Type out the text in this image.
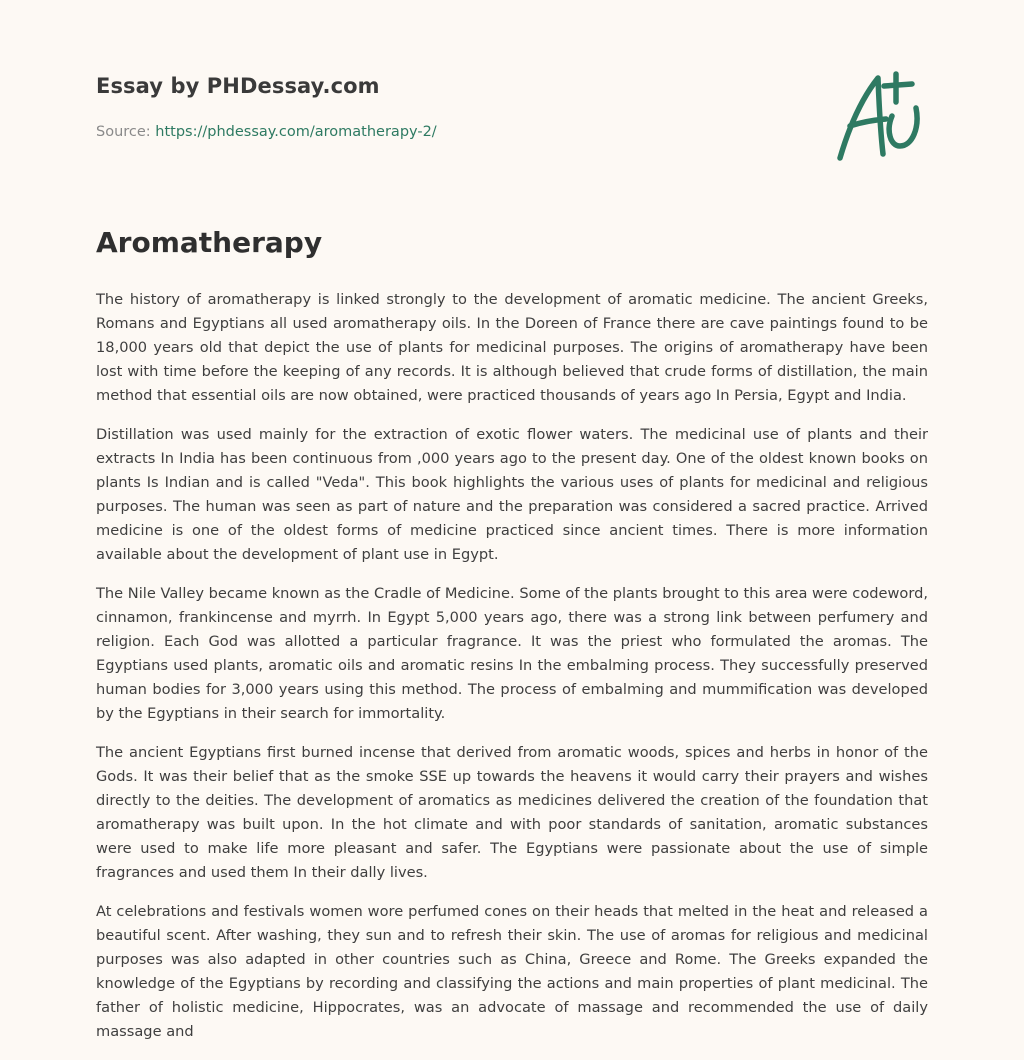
Essay by PHDessay.com
Source: https://phdessay.com/aromatherapy-2/
Aromatherapy

The history of aromatherapy is linked strongly to the development of aromatic medicine. The ancient Greeks, Romans and Egyptians all used aromatherapy oils. In the Doreen of France there are cave paintings found to be 18,000 years old that depict the use of plants for medicinal purposes. The origins of aromatherapy have been lost with time before the keeping of any records. It is although believed that crude forms of distillation, the main method that essential oils are now obtained, were practiced thousands of years ago In Persia, Egypt and India.

Distillation was used mainly for the extraction of exotic flower waters. The medicinal use of plants and their extracts In India has been continuous from ,000 years ago to the present day. One of the oldest known books on plants Is Indian and is called "Veda". This book highlights the various uses of plants for medicinal and religious purposes. The human was seen as part of nature and the preparation was considered a sacred practice. Arrived medicine is one of the oldest forms of medicine practiced since ancient times. There is more information available about the development of plant use in Egypt.

The Nile Valley became known as the Cradle of Medicine. Some of the plants brought to this area were codeword, cinnamon, frankincense and myrrh. In Egypt 5,000 years ago, there was a strong link between perfumery and religion. Each God was allotted a particular fragrance. It was the priest who formulated the aromas. The Egyptians used plants, aromatic oils and aromatic resins In the embalming process. They successfully preserved human bodies for 3,000 years using this method. The process of embalming and mummification was developed by the Egyptians in their search for immortality.

The ancient Egyptians first burned incense that derived from aromatic woods, spices and herbs in honor of the Gods. It was their belief that as the smoke SSE up towards the heavens it would carry their prayers and wishes directly to the deities. The development of aromatics as medicines delivered the creation of the foundation that aromatherapy was built upon. In the hot climate and with poor standards of sanitation, aromatic substances were used to make life more pleasant and safer. The Egyptians were passionate about the use of simple fragrances and used them In their dally lives.

At celebrations and festivals women wore perfumed cones on their heads that melted in the heat and released a beautiful scent. After washing, they sun and to refresh their skin. The use of aromas for religious and medicinal purposes was also adapted in other countries such as China, Greece and Rome. The Greeks expanded the knowledge of the Egyptians by recording and classifying the actions and main properties of plant medicinal. The father of holistic medicine, Hippocrates, was an advocate of massage and recommended the use of daily massage and
